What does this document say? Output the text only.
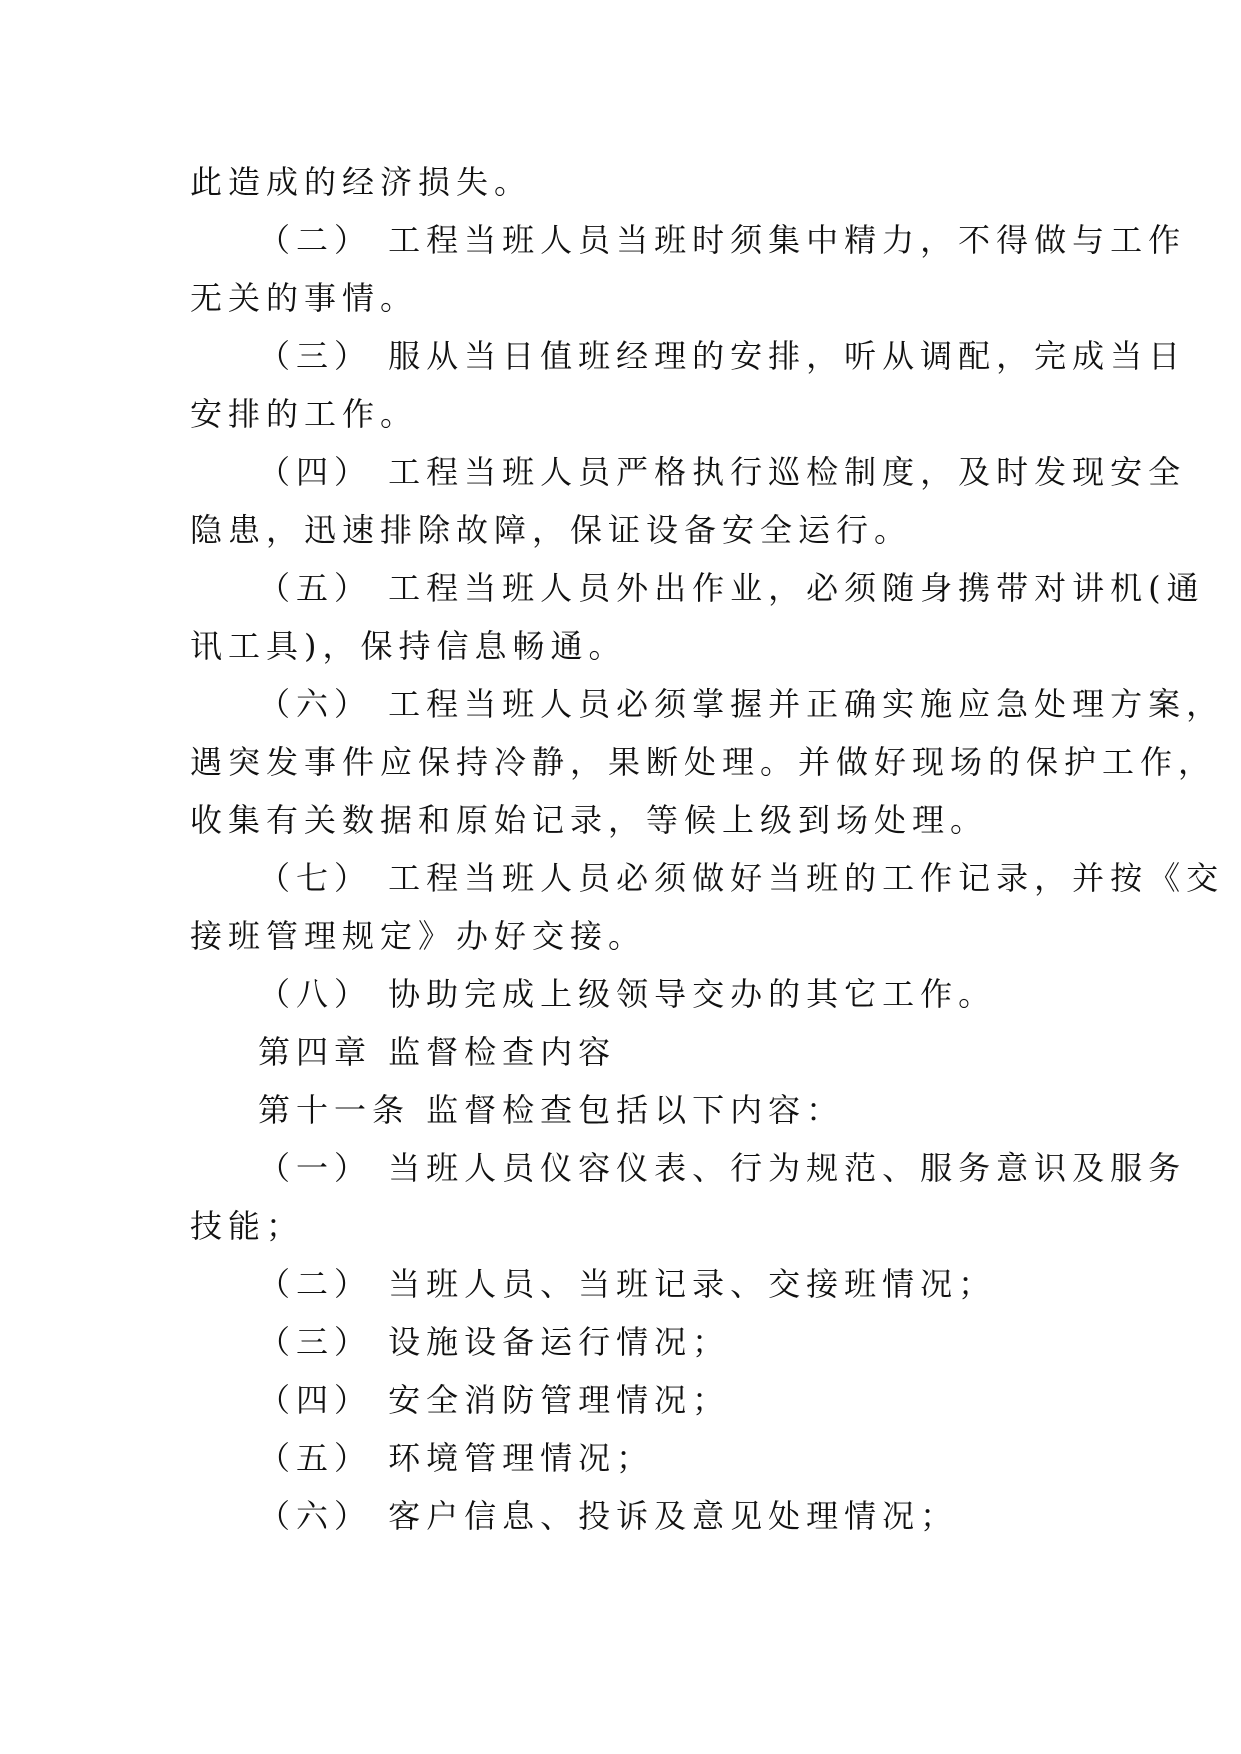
此造成的经济损失。

（二） 工程当班人员当班时须集中精力，不得做与工作
无关的事情。

（三） 服从当日值班经理的安排，听从调配，完成当日
安排的工作。

（四） 工程当班人员严格执行巡检制度，及时发现安全
隐患，迅速排除故障，保证设备安全运行。

（五） 工程当班人员外出作业，必须随身携带对讲机(通
讯工具)，保持信息畅通。

（六） 工程当班人员必须掌握并正确实施应急处理方案，
遇突发事件应保持冷静，果断处理。并做好现场的保护工作，
收集有关数据和原始记录，等候上级到场处理。

（七） 工程当班人员必须做好当班的工作记录，并按《交
接班管理规定》办好交接。

（八） 协助完成上级领导交办的其它工作。

第四章 监督检查内容

第十一条 监督检查包括以下内容：

（一） 当班人员仪容仪表、行为规范、服务意识及服务
技能；

（二） 当班人员、当班记录、交接班情况；

（三） 设施设备运行情况；

（四） 安全消防管理情况；

（五） 环境管理情况；

（六） 客户信息、投诉及意见处理情况；
